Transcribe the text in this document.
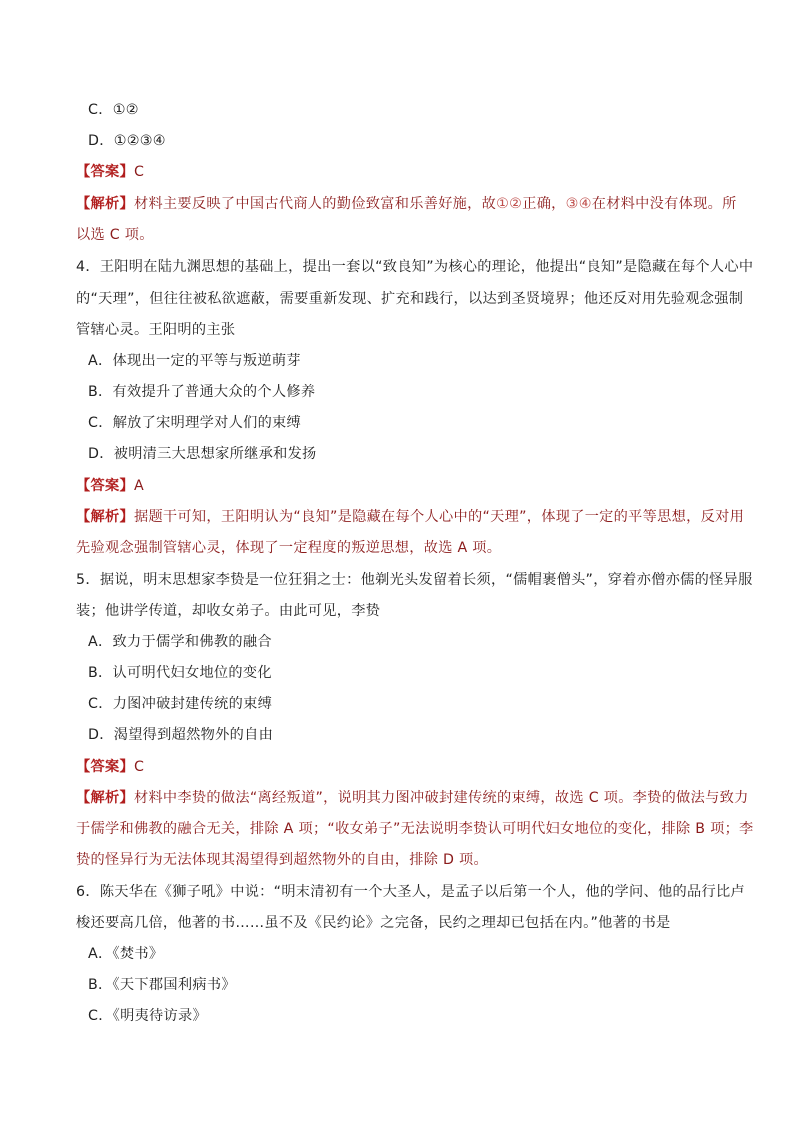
C．①②
D．①②③④
【答案】C
【解析】材料主要反映了中国古代商人的勤俭致富和乐善好施，故①②正确，③④在材料中没有体现。所
以选 C 项。
4．王阳明在陆九渊思想的基础上，提出一套以“致良知”为核心的理论，他提出“良知”是隐藏在每个人心中
的“天理”，但往往被私欲遮蔽，需要重新发现、扩充和践行，以达到圣贤境界；他还反对用先验观念强制
管辖心灵。王阳明的主张
A．体现出一定的平等与叛逆萌芽
B．有效提升了普通大众的个人修养
C．解放了宋明理学对人们的束缚
D．被明清三大思想家所继承和发扬
【答案】A
【解析】据题干可知，王阳明认为“良知”是隐藏在每个人心中的“天理”，体现了一定的平等思想，反对用
先验观念强制管辖心灵，体现了一定程度的叛逆思想，故选 A 项。
5．据说，明末思想家李贽是一位狂狷之士：他剃光头发留着长须，“儒帽裹僧头”，穿着亦僧亦儒的怪异服
装；他讲学传道，却收女弟子。由此可见，李贽
A．致力于儒学和佛教的融合
B．认可明代妇女地位的变化
C．力图冲破封建传统的束缚
D．渴望得到超然物外的自由
【答案】C
【解析】材料中李贽的做法“离经叛道”，说明其力图冲破封建传统的束缚，故选 C 项。李贽的做法与致力
于儒学和佛教的融合无关，排除 A 项；“收女弟子”无法说明李贽认可明代妇女地位的变化，排除 B 项；李
贽的怪异行为无法体现其渴望得到超然物外的自由，排除 D 项。
6．陈天华在《狮子吼》中说：“明末清初有一个大圣人，是孟子以后第一个人，他的学问、他的品行比卢
梭还要高几倍，他著的书……虽不及《民约论》之完备，民约之理却已包括在内。”他著的书是
A．《焚书》
B．《天下郡国利病书》
C．《明夷待访录》
